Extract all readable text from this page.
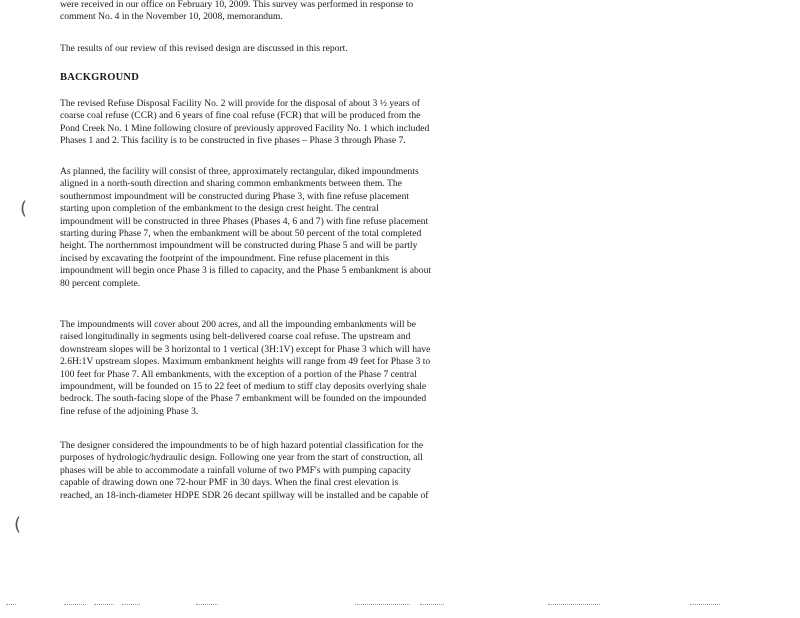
were received in our office on February 10, 2009. This survey was performed in response to
comment No. 4 in the November 10, 2008, memorandum.

The results of our review of this revised design are discussed in this report.

BACKGROUND

The revised Refuse Disposal Facility No. 2 will provide for the disposal of about 3 ½ years of
coarse coal refuse (CCR) and 6 years of fine coal refuse (FCR) that will be produced from the
Pond Creek No. 1 Mine following closure of previously approved Facility No. 1 which included
Phases 1 and 2. This facility is to be constructed in five phases – Phase 3 through Phase 7.

As planned, the facility will consist of three, approximately rectangular, diked impoundments
aligned in a north-south direction and sharing common embankments between them. The
southernmost impoundment will be constructed during Phase 3, with fine refuse placement
starting upon completion of the embankment to the design crest height. The central
impoundment will be constructed in three Phases (Phases 4, 6 and 7) with fine refuse placement
starting during Phase 7, when the embankment will be about 50 percent of the total completed
height. The northernmost impoundment will be constructed during Phase 5 and will be partly
incised by excavating the footprint of the impoundment. Fine refuse placement in this
impoundment will begin once Phase 3 is filled to capacity, and the Phase 5 embankment is about
80 percent complete.

The impoundments will cover about 200 acres, and all the impounding embankments will be
raised longitudinally in segments using belt-delivered coarse coal refuse. The upstream and
downstream slopes will be 3 horizontal to 1 vertical (3H:1V) except for Phase 3 which will have
2.6H:1V upstream slopes. Maximum embankment heights will range from 49 feet for Phase 3 to
100 feet for Phase 7. All embankments, with the exception of a portion of the Phase 7 central
impoundment, will be founded on 15 to 22 feet of medium to stiff clay deposits overlying shale
bedrock. The south-facing slope of the Phase 7 embankment will be founded on the impounded
fine refuse of the adjoining Phase 3.

The designer considered the impoundments to be of high hazard potential classification for the
purposes of hydrologic/hydraulic design. Following one year from the start of construction, all
phases will be able to accommodate a rainfall volume of two PMF's with pumping capacity
capable of drawing down one 72-hour PMF in 30 days. When the final crest elevation is
reached, an 18-inch-diameter HDPE SDR 26 decant spillway will be installed and be capable of

(
(
